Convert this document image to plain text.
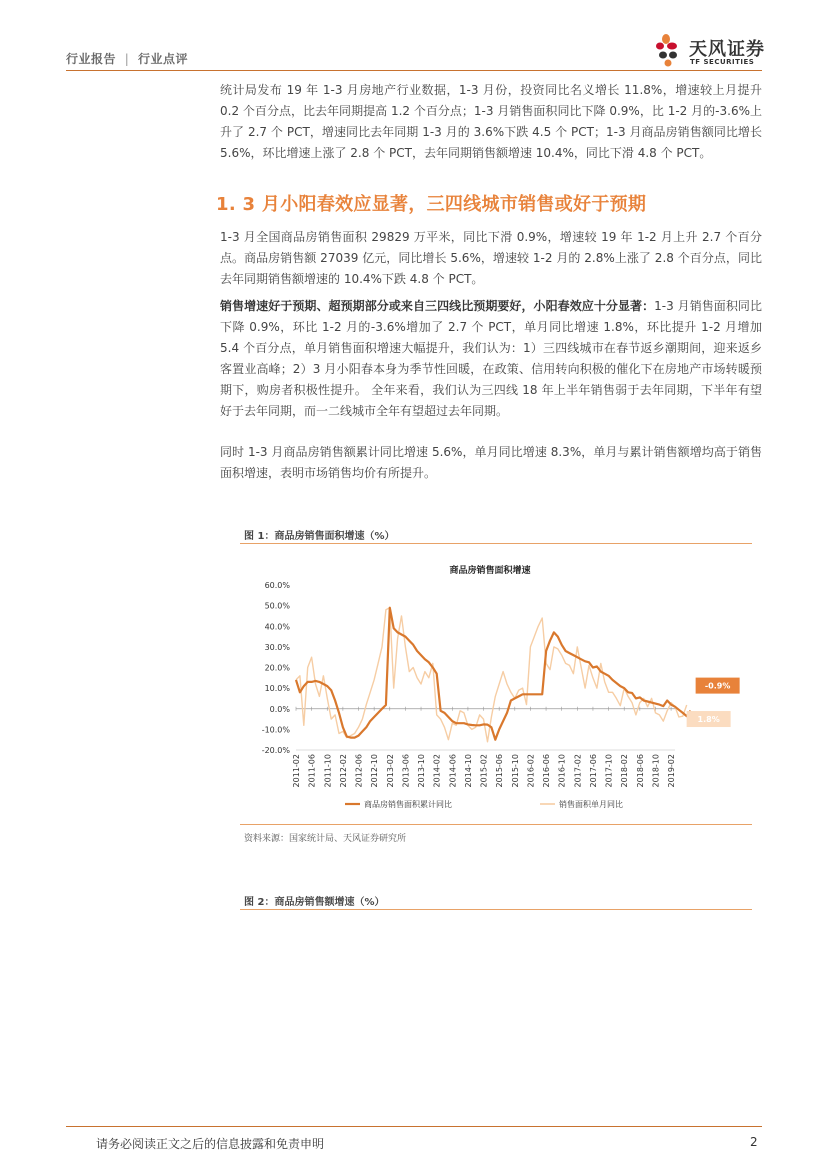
行业报告 | 行业点评	天风证券
TF SECURITIES

统计局发布 19 年 1-3 月房地产行业数据，1-3 月份，投资同比名义增长 11.8%，增速较上月提升 0.2 个百分点，比去年同期提高 1.2 个百分点；1-3 月销售面积同比下降 0.9%，比 1-2 月的-3.6%上升了 2.7 个 PCT，增速同比去年同期 1-3 月的 3.6%下跌 4.5 个 PCT；1-3 月商品房销售额同比增长 5.6%，环比增速上涨了 2.8 个 PCT，去年同期销售额增速 10.4%，同比下滑 4.8 个 PCT。

1. 3 月小阳春效应显著，三四线城市销售或好于预期

1-3 月全国商品房销售面积 29829 万平米，同比下滑 0.9%，增速较 19 年 1-2 月上升 2.7 个百分点。商品房销售额 27039 亿元，同比增长 5.6%，增速较 1-2 月的 2.8%上涨了 2.8 个百分点，同比去年同期销售额增速的 10.4%下跌 4.8 个 PCT。

销售增速好于预期、超预期部分或来自三四线比预期要好，小阳春效应十分显著：1-3 月销售面积同比下降 0.9%，环比 1-2 月的-3.6%增加了 2.7 个 PCT，单月同比增速 1.8%，环比提升 1-2 月增加 5.4 个百分点，单月销售面积增速大幅提升，我们认为：1）三四线城市在春节返乡潮期间，迎来返乡客置业高峰；2）3 月小阳春本身为季节性回暖，在政策、信用转向积极的催化下在房地产市场转暖预期下，购房者积极性提升。 全年来看，我们认为三四线 18 年上半年销售弱于去年同期，下半年有望好于去年同期，而一二线城市全年有望超过去年同期。

同时 1-3 月商品房销售额累计同比增速 5.6%，单月同比增速 8.3%，单月与累计销售额增均高于销售面积增速，表明市场销售均价有所提升。

图 1：商品房销售面积增速（%）
商品房销售面积增速
60.0%
50.0%
40.0%
30.0%
20.0%
10.0%
0.0%
-10.0%
-20.0%
2011-02 2011-06 2011-10 2012-02 2012-06 2012-10 2013-02 2013-06 2013-10 2014-02 2014-06 2014-10 2015-02 2015-06 2015-10 2016-02 2016-06 2016-10 2017-02 2017-06 2017-10 2018-02 2018-06 2018-10 2019-02
-0.9%
1.8%
商品房销售面积累计同比	销售面积单月同比
资料来源：国家统计局、天风证券研究所
图 2：商品房销售额增速（%）
请务必阅读正文之后的信息披露和免责申明	2
